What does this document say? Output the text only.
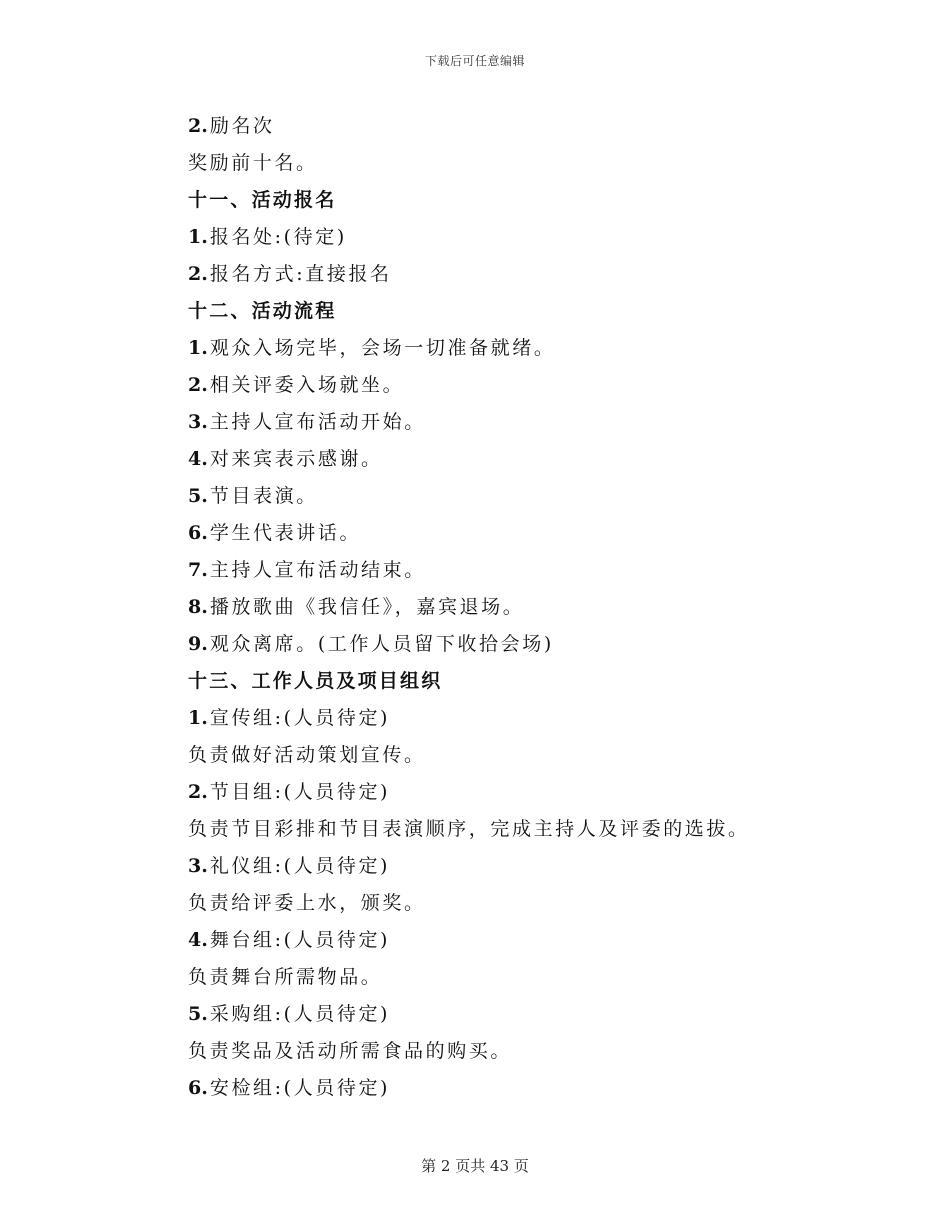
下载后可任意编辑
2. 励名次
奖励前十名。
十一、活动报名
1. 报名处:(待定)
2. 报名方式:直接报名
十二、活动流程
1. 观众入场完毕，会场一切准备就绪。
2. 相关评委入场就坐。
3. 主持人宣布活动开始。
4. 对来宾表示感谢。
5. 节目表演。
6. 学生代表讲话。
7. 主持人宣布活动结束。
8. 播放歌曲《我信任》，嘉宾退场。
9. 观众离席。(工作人员留下收拾会场)
十三、工作人员及项目组织
1. 宣传组:(人员待定)
负责做好活动策划宣传。
2. 节目组:(人员待定)
负责节目彩排和节目表演顺序，完成主持人及评委的选拔。
3. 礼仪组:(人员待定)
负责给评委上水，颁奖。
4. 舞台组:(人员待定)
负责舞台所需物品。
5. 采购组:(人员待定)
负责奖品及活动所需食品的购买。
6. 安检组:(人员待定)
第 2 页共 43 页
